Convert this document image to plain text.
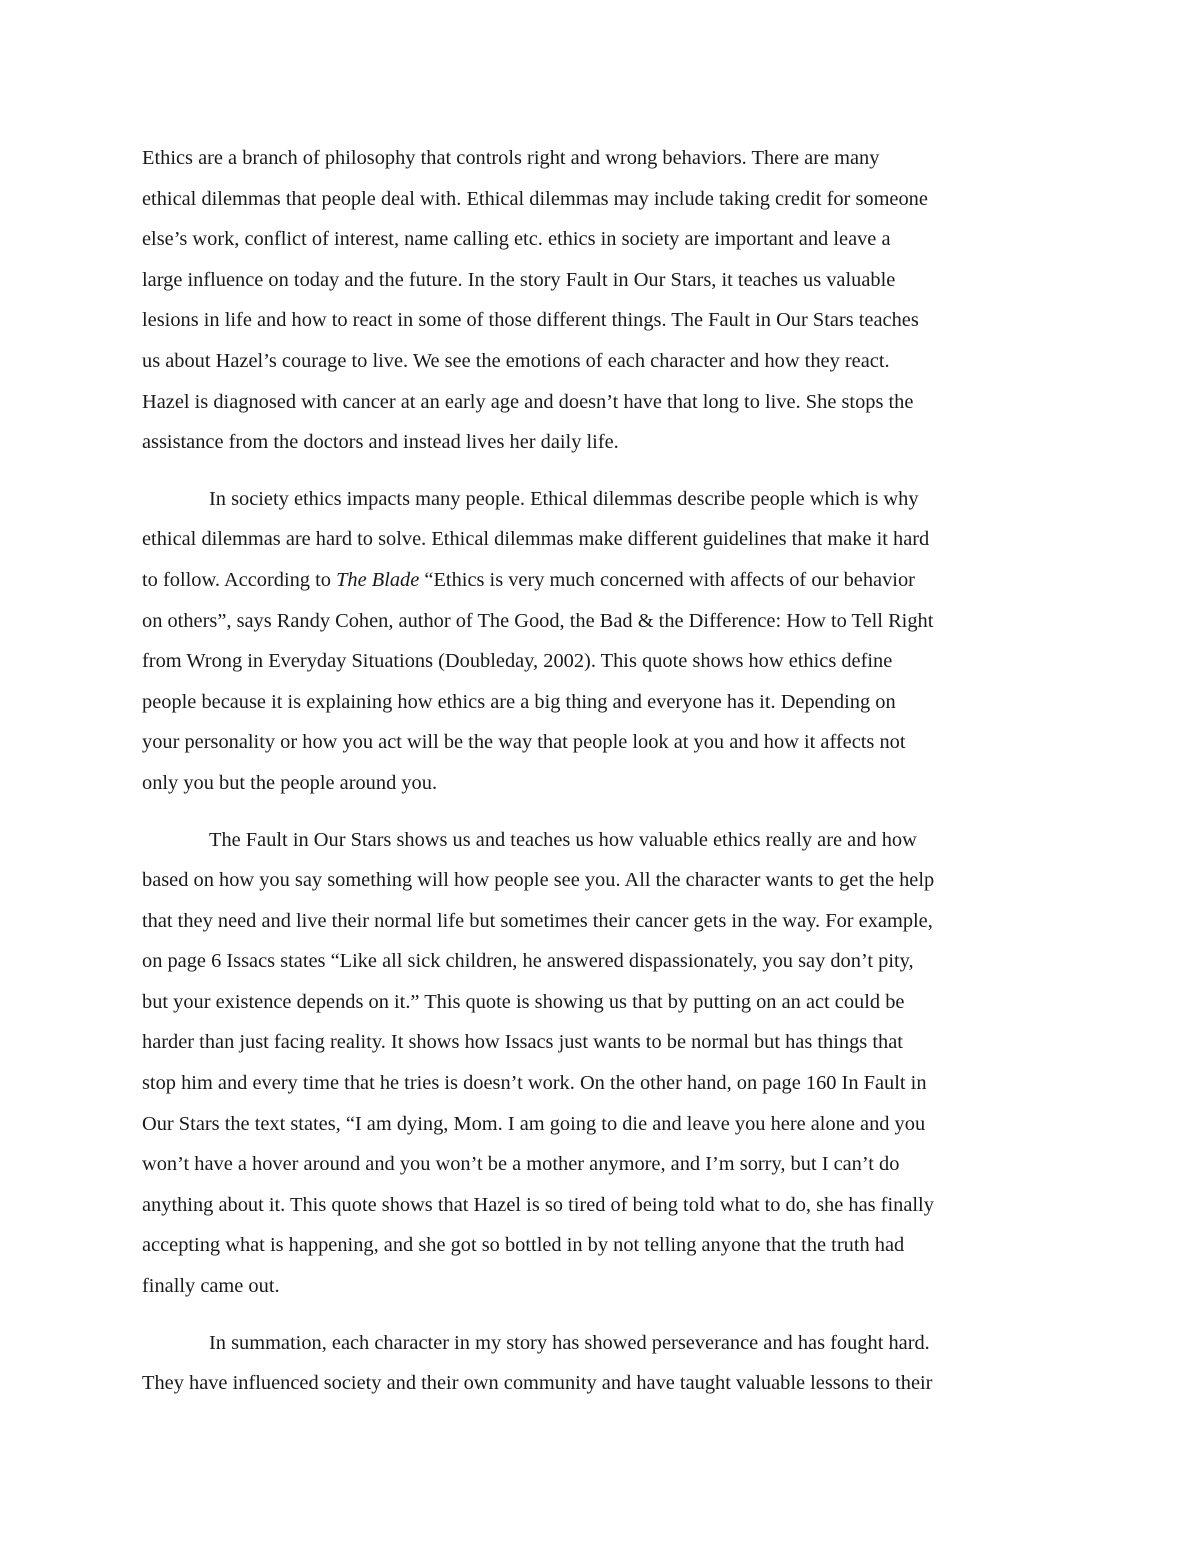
Ethics are a branch of philosophy that controls right and wrong behaviors. There are many
ethical dilemmas that people deal with. Ethical dilemmas may include taking credit for someone
else’s work, conflict of interest, name calling etc. ethics in society are important and leave a
large influence on today and the future. In the story Fault in Our Stars, it teaches us valuable
lesions in life and how to react in some of those different things. The Fault in Our Stars teaches
us about Hazel’s courage to live. We see the emotions of each character and how they react.
Hazel is diagnosed with cancer at an early age and doesn’t have that long to live. She stops the
assistance from the doctors and instead lives her daily life.

In society ethics impacts many people. Ethical dilemmas describe people which is why
ethical dilemmas are hard to solve. Ethical dilemmas make different guidelines that make it hard
to follow. According to The Blade “Ethics is very much concerned with affects of our behavior
on others”, says Randy Cohen, author of The Good, the Bad & the Difference: How to Tell Right
from Wrong in Everyday Situations (Doubleday, 2002). This quote shows how ethics define
people because it is explaining how ethics are a big thing and everyone has it. Depending on
your personality or how you act will be the way that people look at you and how it affects not
only you but the people around you.

The Fault in Our Stars shows us and teaches us how valuable ethics really are and how
based on how you say something will how people see you. All the character wants to get the help
that they need and live their normal life but sometimes their cancer gets in the way. For example,
on page 6 Issacs states “Like all sick children, he answered dispassionately, you say don’t pity,
but your existence depends on it.” This quote is showing us that by putting on an act could be
harder than just facing reality. It shows how Issacs just wants to be normal but has things that
stop him and every time that he tries is doesn’t work. On the other hand, on page 160 In Fault in
Our Stars the text states, “I am dying, Mom. I am going to die and leave you here alone and you
won’t have a hover around and you won’t be a mother anymore, and I’m sorry, but I can’t do
anything about it. This quote shows that Hazel is so tired of being told what to do, she has finally
accepting what is happening, and she got so bottled in by not telling anyone that the truth had
finally came out.

In summation, each character in my story has showed perseverance and has fought hard.
They have influenced society and their own community and have taught valuable lessons to their
